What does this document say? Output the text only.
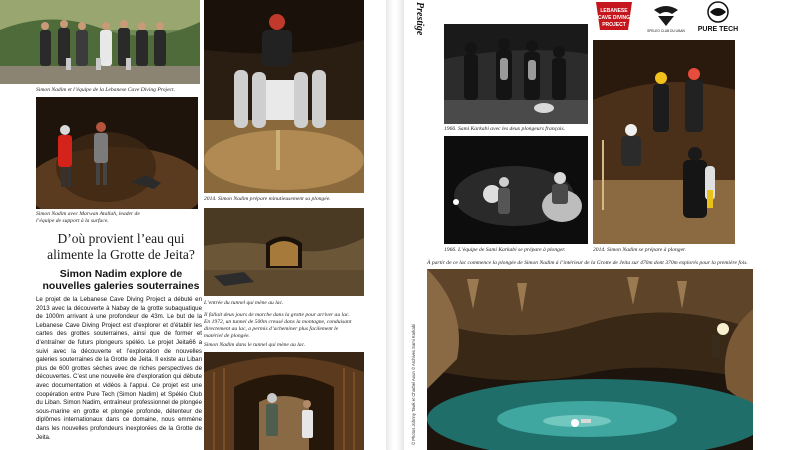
Simon Nadim et l’équipe de la Lebanese Cave Diving Project.
Simon Nadim avec Marwan Atallah, leader de l’équipe de support à la surface.
D’où provient l’eau qui alimente la Grotte de Jeita?
Simon Nadim explore de nouvelles galeries souterraines

Le projet de la Lebanese Cave Diving Project a débuté en 2013 avec la découverte à Nabay de la grotte subaquatique de 1000m arrivant à une profondeur de 43m. Le but de la Lebanese Cave Diving Project est d’explorer et d’établir les cartes des grottes souterraines, ainsi que de former et d’entraîner de futurs plongeurs spéléo. Le projet Jeita66 a suivi avec la découverte et l’exploration de nouvelles galeries souterraines de la Grotte de Jeita. Il existe au Liban plus de 600 grottes sèches avec de riches perspectives de découvertes. C’est une nouvelle ère d’exploration qui débute avec documentation et vidéos à l’appui. Ce projet est une coopération entre Pure Tech (Simon Nadim) et Spéléo Club du Liban. Simon Nadim, entraîneur professionnel de plongée sous-marine en grotte et plongée profonde, détenteur de diplômes internationaux dans ce domaine, nous emmène dans les nouvelles profondeurs inexplorées de la Grotte de Jeita.

2014. Simon Nadim prépare minutieusement sa plongée.
L’entrée du tunnel qui mène au lac.
Il fallait deux jours de marche dans la grotte pour arriver au lac. En 1972, un tunnel de 500m creusé dans la montagne, conduisant directement au lac, a permis d’acheminer plus facilement le matériel de plongée.
Simon Nadim dans le tunnel qui mène au lac.
Prestige	LEBANESE
CAVE DIVING
PROJECT
SPELEO CLUB DU LIBAN PURE TECH
1966. Sami Karkabi avec les deux plongeurs français.
1966. L’équipe de Sami Karkabi se prépare à plonger.	2014. Simon Nadim se prépare à plonger.
À partir de ce lac commence la plongée de Simon Nadim à l’intérieur de la Grotte de Jeita sur 470m dont 370m explorés pour la première fois.
© Photos Johnny Tawk et Charbel Aoun © Archives Sami Karkabi
